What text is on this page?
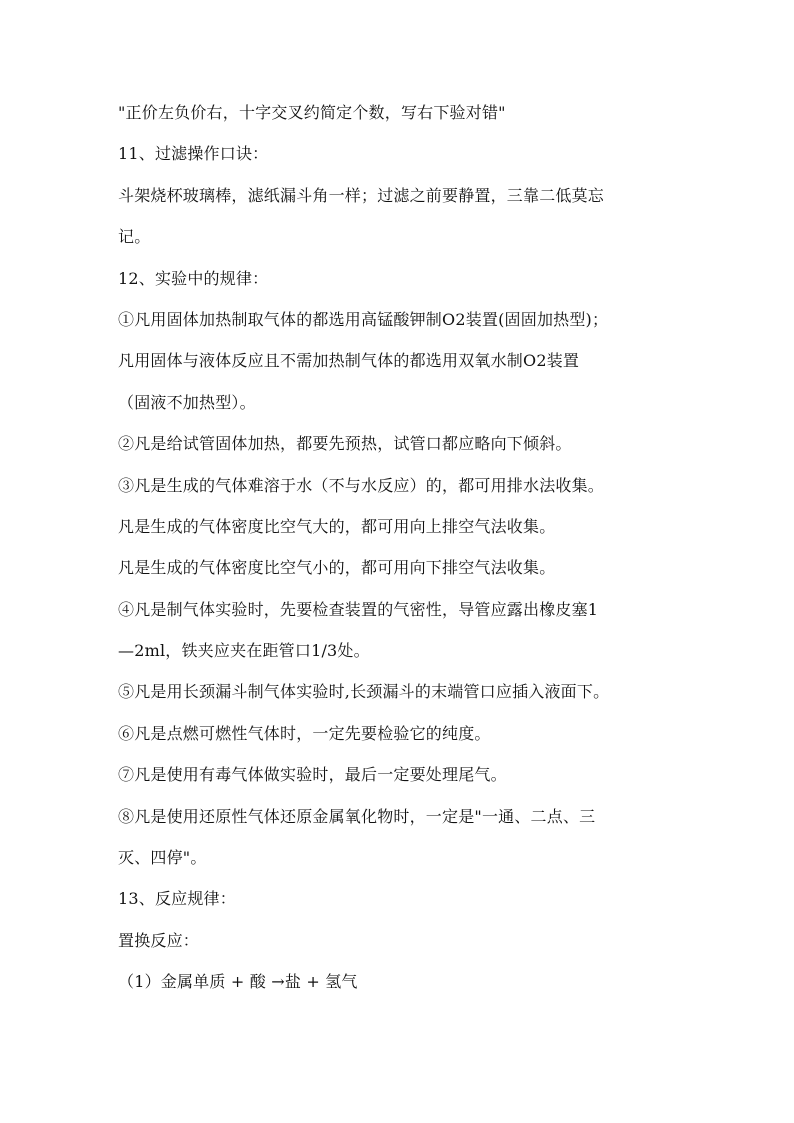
"正价左负价右，十字交叉约简定个数，写右下验对错"
11、过滤操作口诀：
斗架烧杯玻璃棒，滤纸漏斗角一样；过滤之前要静置，三靠二低莫忘
记。
12、实验中的规律：
①凡用固体加热制取气体的都选用高锰酸钾制O2装置(固固加热型)；
凡用固体与液体反应且不需加热制气体的都选用双氧水制O2装置
（固液不加热型）。
②凡是给试管固体加热，都要先预热，试管口都应略向下倾斜。
③凡是生成的气体难溶于水（不与水反应）的，都可用排水法收集。
凡是生成的气体密度比空气大的，都可用向上排空气法收集。
凡是生成的气体密度比空气小的，都可用向下排空气法收集。
④凡是制气体实验时，先要检查装置的气密性，导管应露出橡皮塞1
—2ml，铁夹应夹在距管口1/3处。
⑤凡是用长颈漏斗制气体实验时,长颈漏斗的末端管口应插入液面下。
⑥凡是点燃可燃性气体时，一定先要检验它的纯度。
⑦凡是使用有毒气体做实验时，最后一定要处理尾气。
⑧凡是使用还原性气体还原金属氧化物时，一定是"一通、二点、三
灭、四停"。
13、反应规律：
置换反应：
（1）金属单质 + 酸 →盐 + 氢气
